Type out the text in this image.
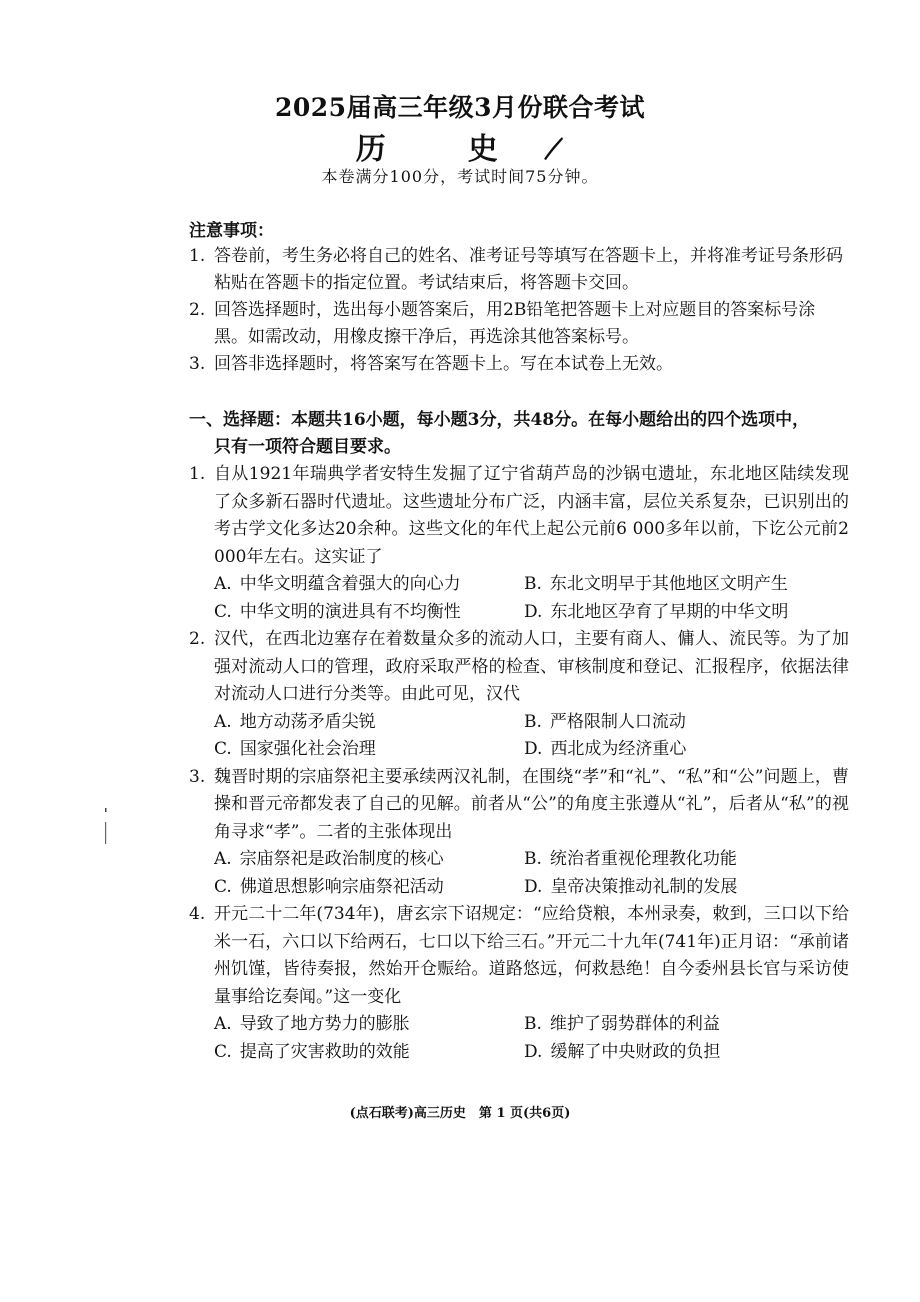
2025届高三年级3月份联合考试
历　史
本卷满分100分，考试时间75分钟。
注意事项：
1. 答卷前，考生务必将自己的姓名、准考证号等填写在答题卡上，并将准考证号条形码粘贴在答题卡的指定位置。考试结束后，将答题卡交回。
2. 回答选择题时，选出每小题答案后，用2B铅笔把答题卡上对应题目的答案标号涂黑。如需改动，用橡皮擦干净后，再选涂其他答案标号。
3. 回答非选择题时，将答案写在答题卡上。写在本试卷上无效。
一、选择题：本题共16小题，每小题3分，共48分。在每小题给出的四个选项中，
只有一项符合题目要求。
1. 自从1921年瑞典学者安特生发掘了辽宁省葫芦岛的沙锅屯遗址，东北地区陆续发现了众多新石器时代遗址。这些遗址分布广泛，内涵丰富，层位关系复杂，已识别出的考古学文化多达20余种。这些文化的年代上起公元前6 000多年以前，下讫公元前2 000年左右。这实证了
A. 中华文明蕴含着强大的向心力	B. 东北文明早于其他地区文明产生
C. 中华文明的演进具有不均衡性	D. 东北地区孕育了早期的中华文明
2. 汉代，在西北边塞存在着数量众多的流动人口，主要有商人、傭人、流民等。为了加强对流动人口的管理，政府采取严格的检查、审核制度和登记、汇报程序，依据法律对流动人口进行分类等。由此可见，汉代
A. 地方动荡矛盾尖锐	B. 严格限制人口流动
C. 国家强化社会治理	D. 西北成为经济重心
3. 魏晋时期的宗庙祭祀主要承续两汉礼制，在围绕“孝”和“礼”、“私”和“公”问题上，曹操和晋元帝都发表了自己的见解。前者从“公”的角度主张遵从“礼”，后者从“私”的视角寻求“孝”。二者的主张体现出
A. 宗庙祭祀是政治制度的核心	B. 统治者重视伦理教化功能
C. 佛道思想影响宗庙祭祀活动	D. 皇帝决策推动礼制的发展
4. 开元二十二年(734年)，唐玄宗下诏规定：“应给贷粮，本州录奏，敕到，三口以下给米一石，六口以下给两石，七口以下给三石。”开元二十九年(741年)正月诏：“承前诸州饥馑，皆待奏报，然始开仓赈给。道路悠远，何救悬绝！自今委州县长官与采访使量事给讫奏闻。”这一变化
A. 导致了地方势力的膨胀	B. 维护了弱势群体的利益
C. 提高了灾害救助的效能	D. 缓解了中央财政的负担
(点石联考)高三历史　第 1 页(共6页)
